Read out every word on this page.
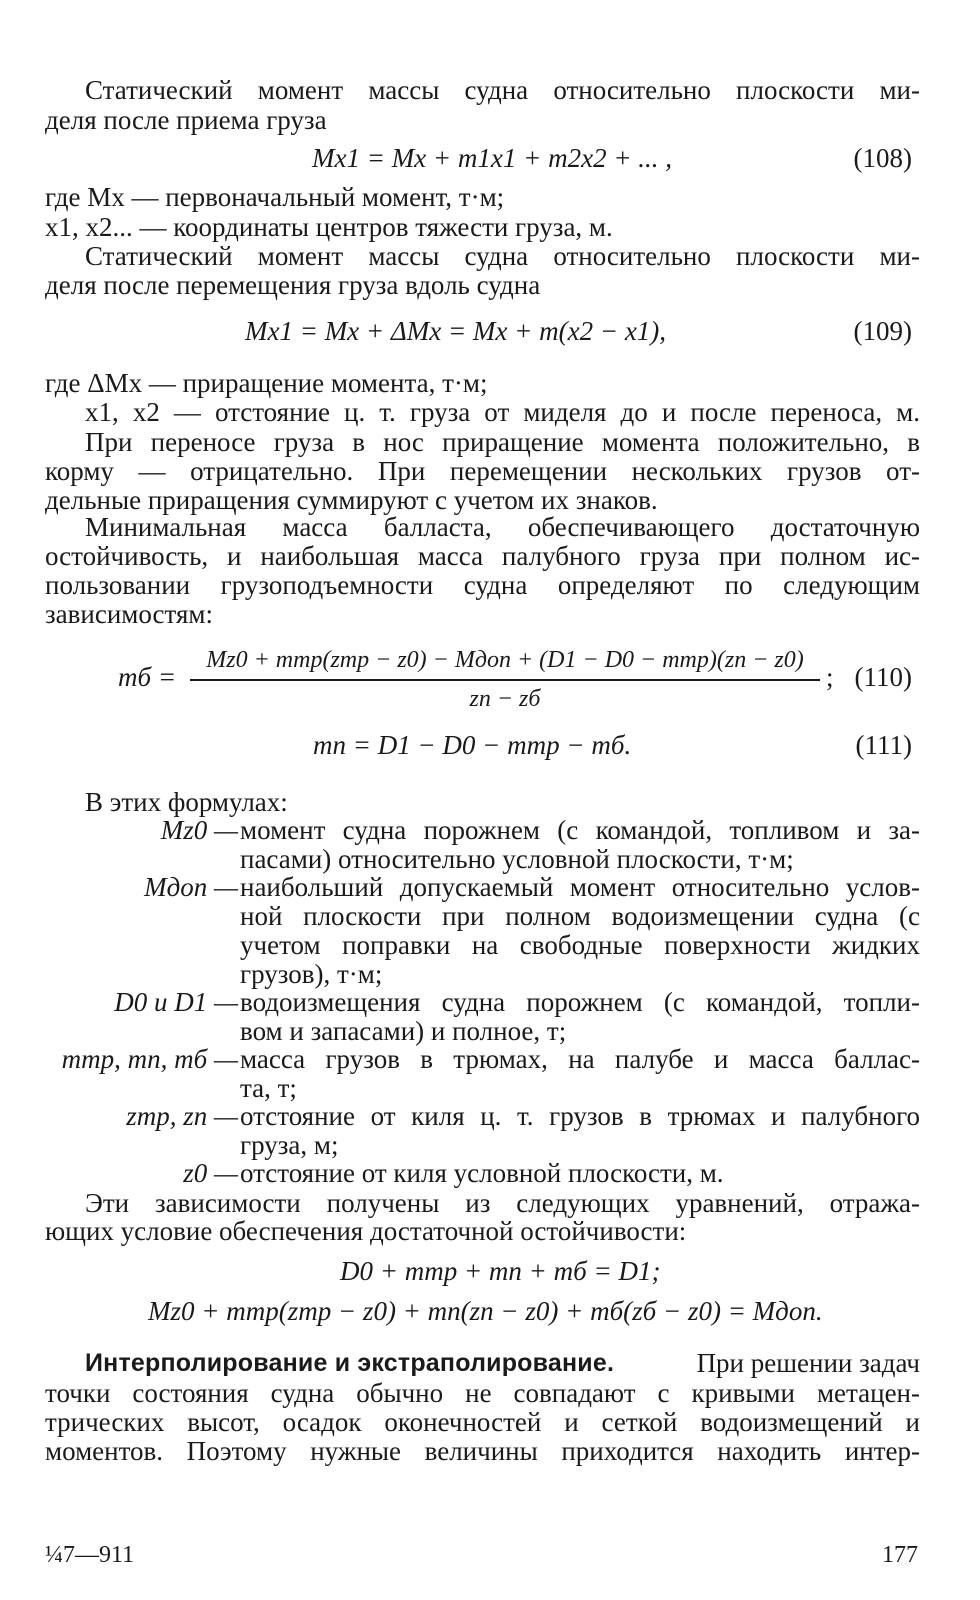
Статический момент массы судна относительно плоскости ми-
деля после приема груза
Mx1 = Mx + m1x1 + m2x2 + ... ,	(108)
где Mx — первоначальный момент, т·м;
x1, x2... — координаты центров тяжести груза, м.
Статический момент массы судна относительно плоскости ми-
деля после перемещения груза вдоль судна
Mx1 = Mx + ΔMx = Mx + m(x2 − x1),	(109)
где ΔMx — приращение момента, т·м;
x1, x2 — отстояние ц. т. груза от миделя до и после переноса, м.
При переносе груза в нос приращение момента положительно, в
корму — отрицательно. При перемещении нескольких грузов от-
дельные приращения суммируют с учетом их знаков.
Минимальная масса балласта, обеспечивающего достаточную
остойчивость, и наибольшая масса палубного груза при полном ис-
пользовании грузоподъемности судна определяют по следующим
зависимостям:
mб =
Mz0 + mтр(zтр − z0) − Mдоп + (D1 − D0 − mтр)(zп − z0)
zп − zб
; (110)
mп = D1 − D0 − mтр − mб.	(111)
В этих формулах:
Mz0 — момент судна порожнем (с командой, топливом и за-
пасами) относительно условной плоскости, т·м;
Mдоп — наибольший допускаемый момент относительно услов-
ной плоскости при полном водоизмещении судна (с
учетом поправки на свободные поверхности жидких
грузов), т·м;
D0 и D1 — водоизмещения судна порожнем (с командой, топли-
вом и запасами) и полное, т;
mтр, mп, mб — масса грузов в трюмах, на палубе и масса баллас-
та, т;
zтр, zп — отстояние от киля ц. т. грузов в трюмах и палубного
груза, м;
z0 — отстояние от киля условной плоскости, м.
Эти зависимости получены из следующих уравнений, отража-
ющих условие обеспечения достаточной остойчивости:
D0 + mтр + mп + mб = D1;
Mz0 + mтр(zтр − z0) + mп(zп − z0) + mб(zб − z0) = Mдоп.
Интерполирование и экстраполирование.	При решении задач
точки состояния судна обычно не совпадают с кривыми метацен-
трических высот, осадок оконечностей и сеткой водоизмещений и
моментов. Поэтому нужные величины приходится находить интер-
¼7—911	177
